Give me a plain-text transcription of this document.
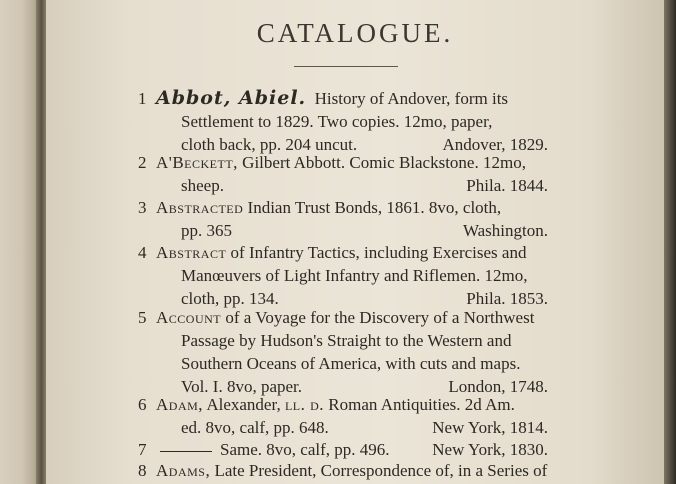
CATALOGUE.
1 Abbot, Abiel. History of Andover, form its
Settlement to 1829. Two copies. 12mo, paper,
cloth back, pp. 204 uncut.	Andover, 1829.
2 A'Beckett, Gilbert Abbott. Comic Blackstone. 12mo,
sheep.	Phila. 1844.
3 Abstracted Indian Trust Bonds, 1861. 8vo, cloth,
pp. 365	Washington.
4 Abstract of Infantry Tactics, including Exercises and
Manœuvers of Light Infantry and Riflemen. 12mo,
cloth, pp. 134.	Phila. 1853.
5 Account of a Voyage for the Discovery of a Northwest
Passage by Hudson's Straight to the Western and
Southern Oceans of America, with cuts and maps.
Vol. I. 8vo, paper.	London, 1748.
6 Adam, Alexander, ll. d. Roman Antiquities. 2d Am.
ed. 8vo, calf, pp. 648.	New York, 1814.
7	Same. 8vo, calf, pp. 496.	New York, 1830.
8 Adams, Late President, Correspondence of, in a Series of
